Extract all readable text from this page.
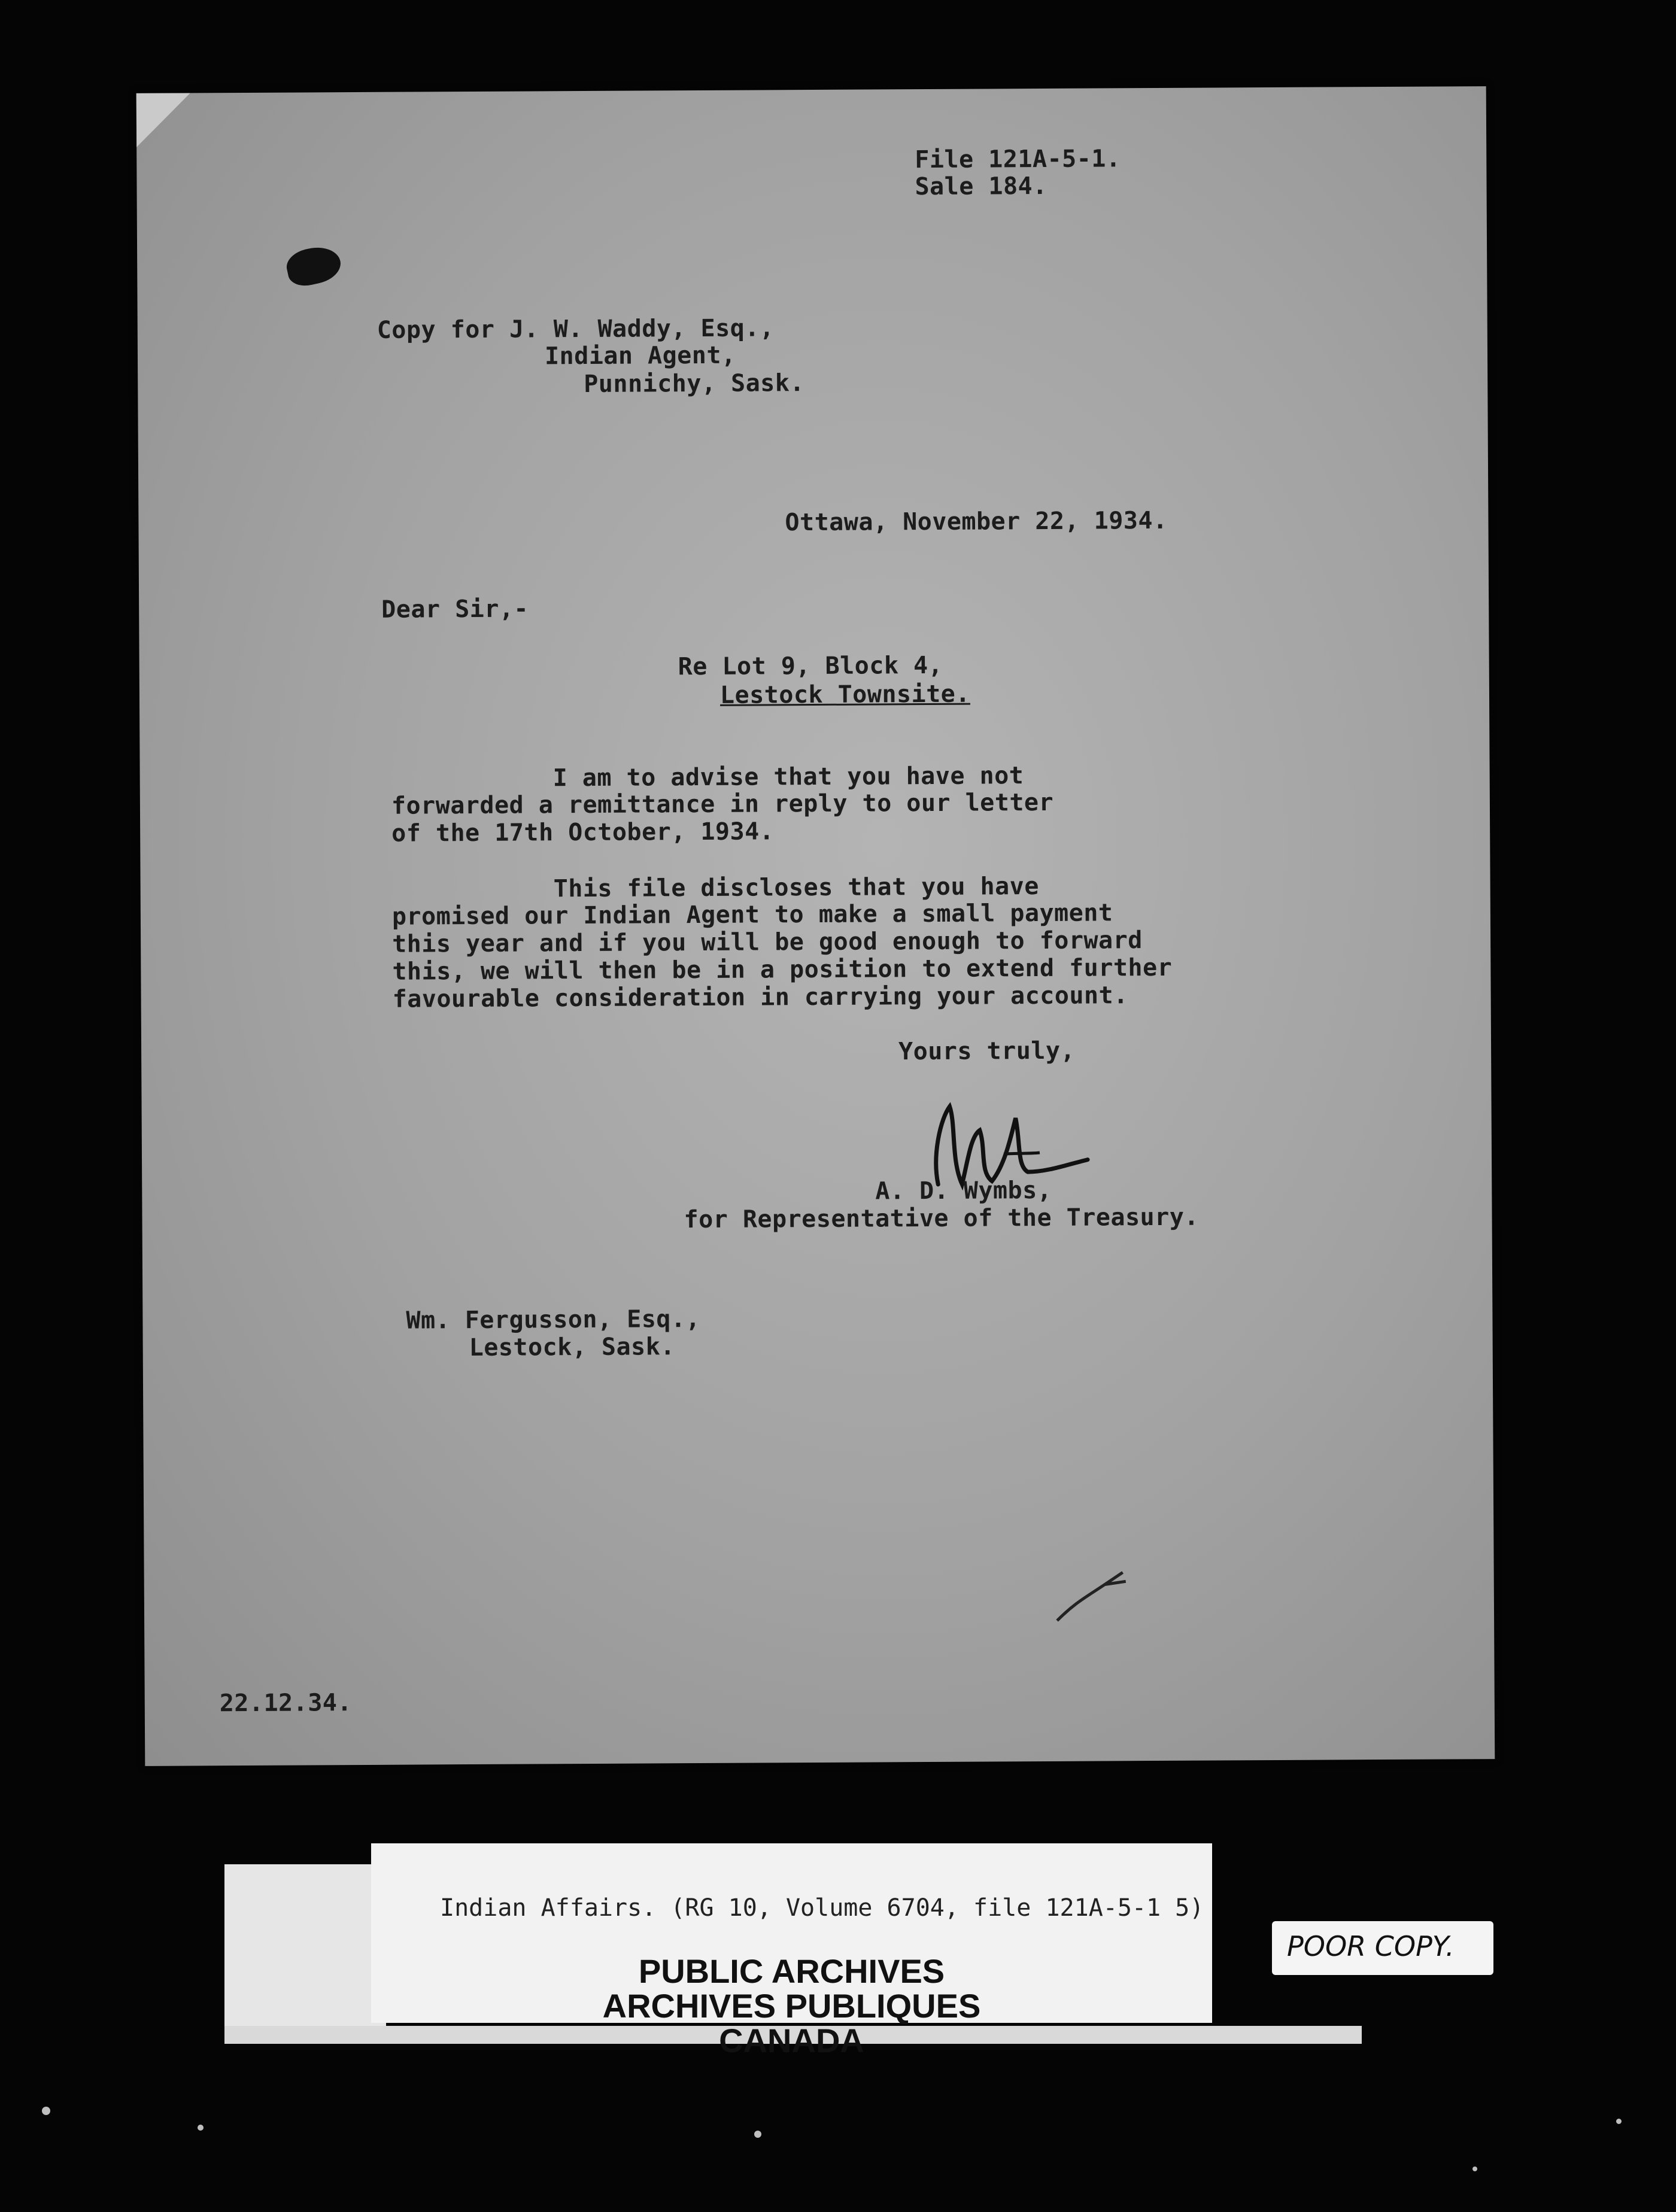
File 121A-5-1.
Sale 184.
Copy for J. W. Waddy, Esq.,
Indian Agent,
Punnichy, Sask.
Ottawa, November 22, 1934.
Dear Sir,-
Re Lot 9, Block 4,
Lestock Townsite.
I am to advise that you have not
forwarded a remittance in reply to our letter
of the 17th October, 1934.
This file discloses that you have
promised our Indian Agent to make a small payment
this year and if you will be good enough to forward
this, we will then be in a position to extend further
favourable consideration in carrying your account.
Yours truly,
A. D. Wymbs,
for Representative of the Treasury.
Wm. Fergusson, Esq.,
Lestock, Sask.
22.12.34.
Indian Affairs. (RG 10, Volume 6704, file 121A-5-1 5)
PUBLIC ARCHIVES
ARCHIVES PUBLIQUES
CANADA
POOR COPY.
